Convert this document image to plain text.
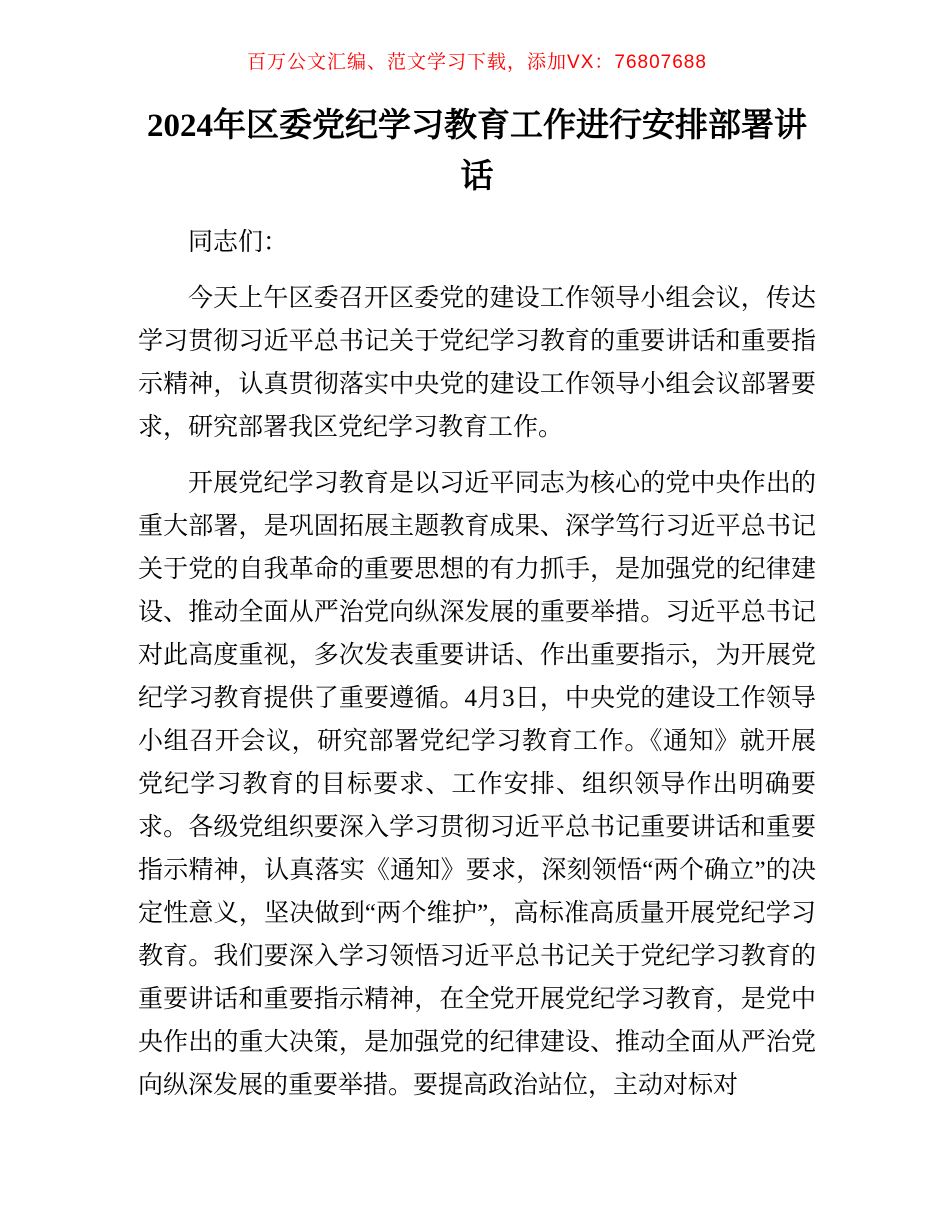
百万公文汇编、范文学习下载，添加VX：76807688
2024年区委党纪学习教育工作进行安排部署讲话

同志们：

今天上午区委召开区委党的建设工作领导小组会议，传达学习贯彻习近平总书记关于党纪学习教育的重要讲话和重要指示精神，认真贯彻落实中央党的建设工作领导小组会议部署要求，研究部署我区党纪学习教育工作。

开展党纪学习教育是以习近平同志为核心的党中央作出的重大部署，是巩固拓展主题教育成果、深学笃行习近平总书记关于党的自我革命的重要思想的有力抓手，是加强党的纪律建设、推动全面从严治党向纵深发展的重要举措。习近平总书记对此高度重视，多次发表重要讲话、作出重要指示，为开展党纪学习教育提供了重要遵循。4月3日，中央党的建设工作领导小组召开会议，研究部署党纪学习教育工作。《通知》就开展党纪学习教育的目标要求、工作安排、组织领导作出明确要求。各级党组织要深入学习贯彻习近平总书记重要讲话和重要指示精神，认真落实《通知》要求，深刻领悟“两个确立”的决定性意义，坚决做到“两个维护”，高标准高质量开展党纪学习教育。我们要深入学习领悟习近平总书记关于党纪学习教育的重要讲话和重要指示精神，在全党开展党纪学习教育，是党中央作出的重大决策，是加强党的纪律建设、推动全面从严治党向纵深发展的重要举措。要提高政治站位，主动对标对
